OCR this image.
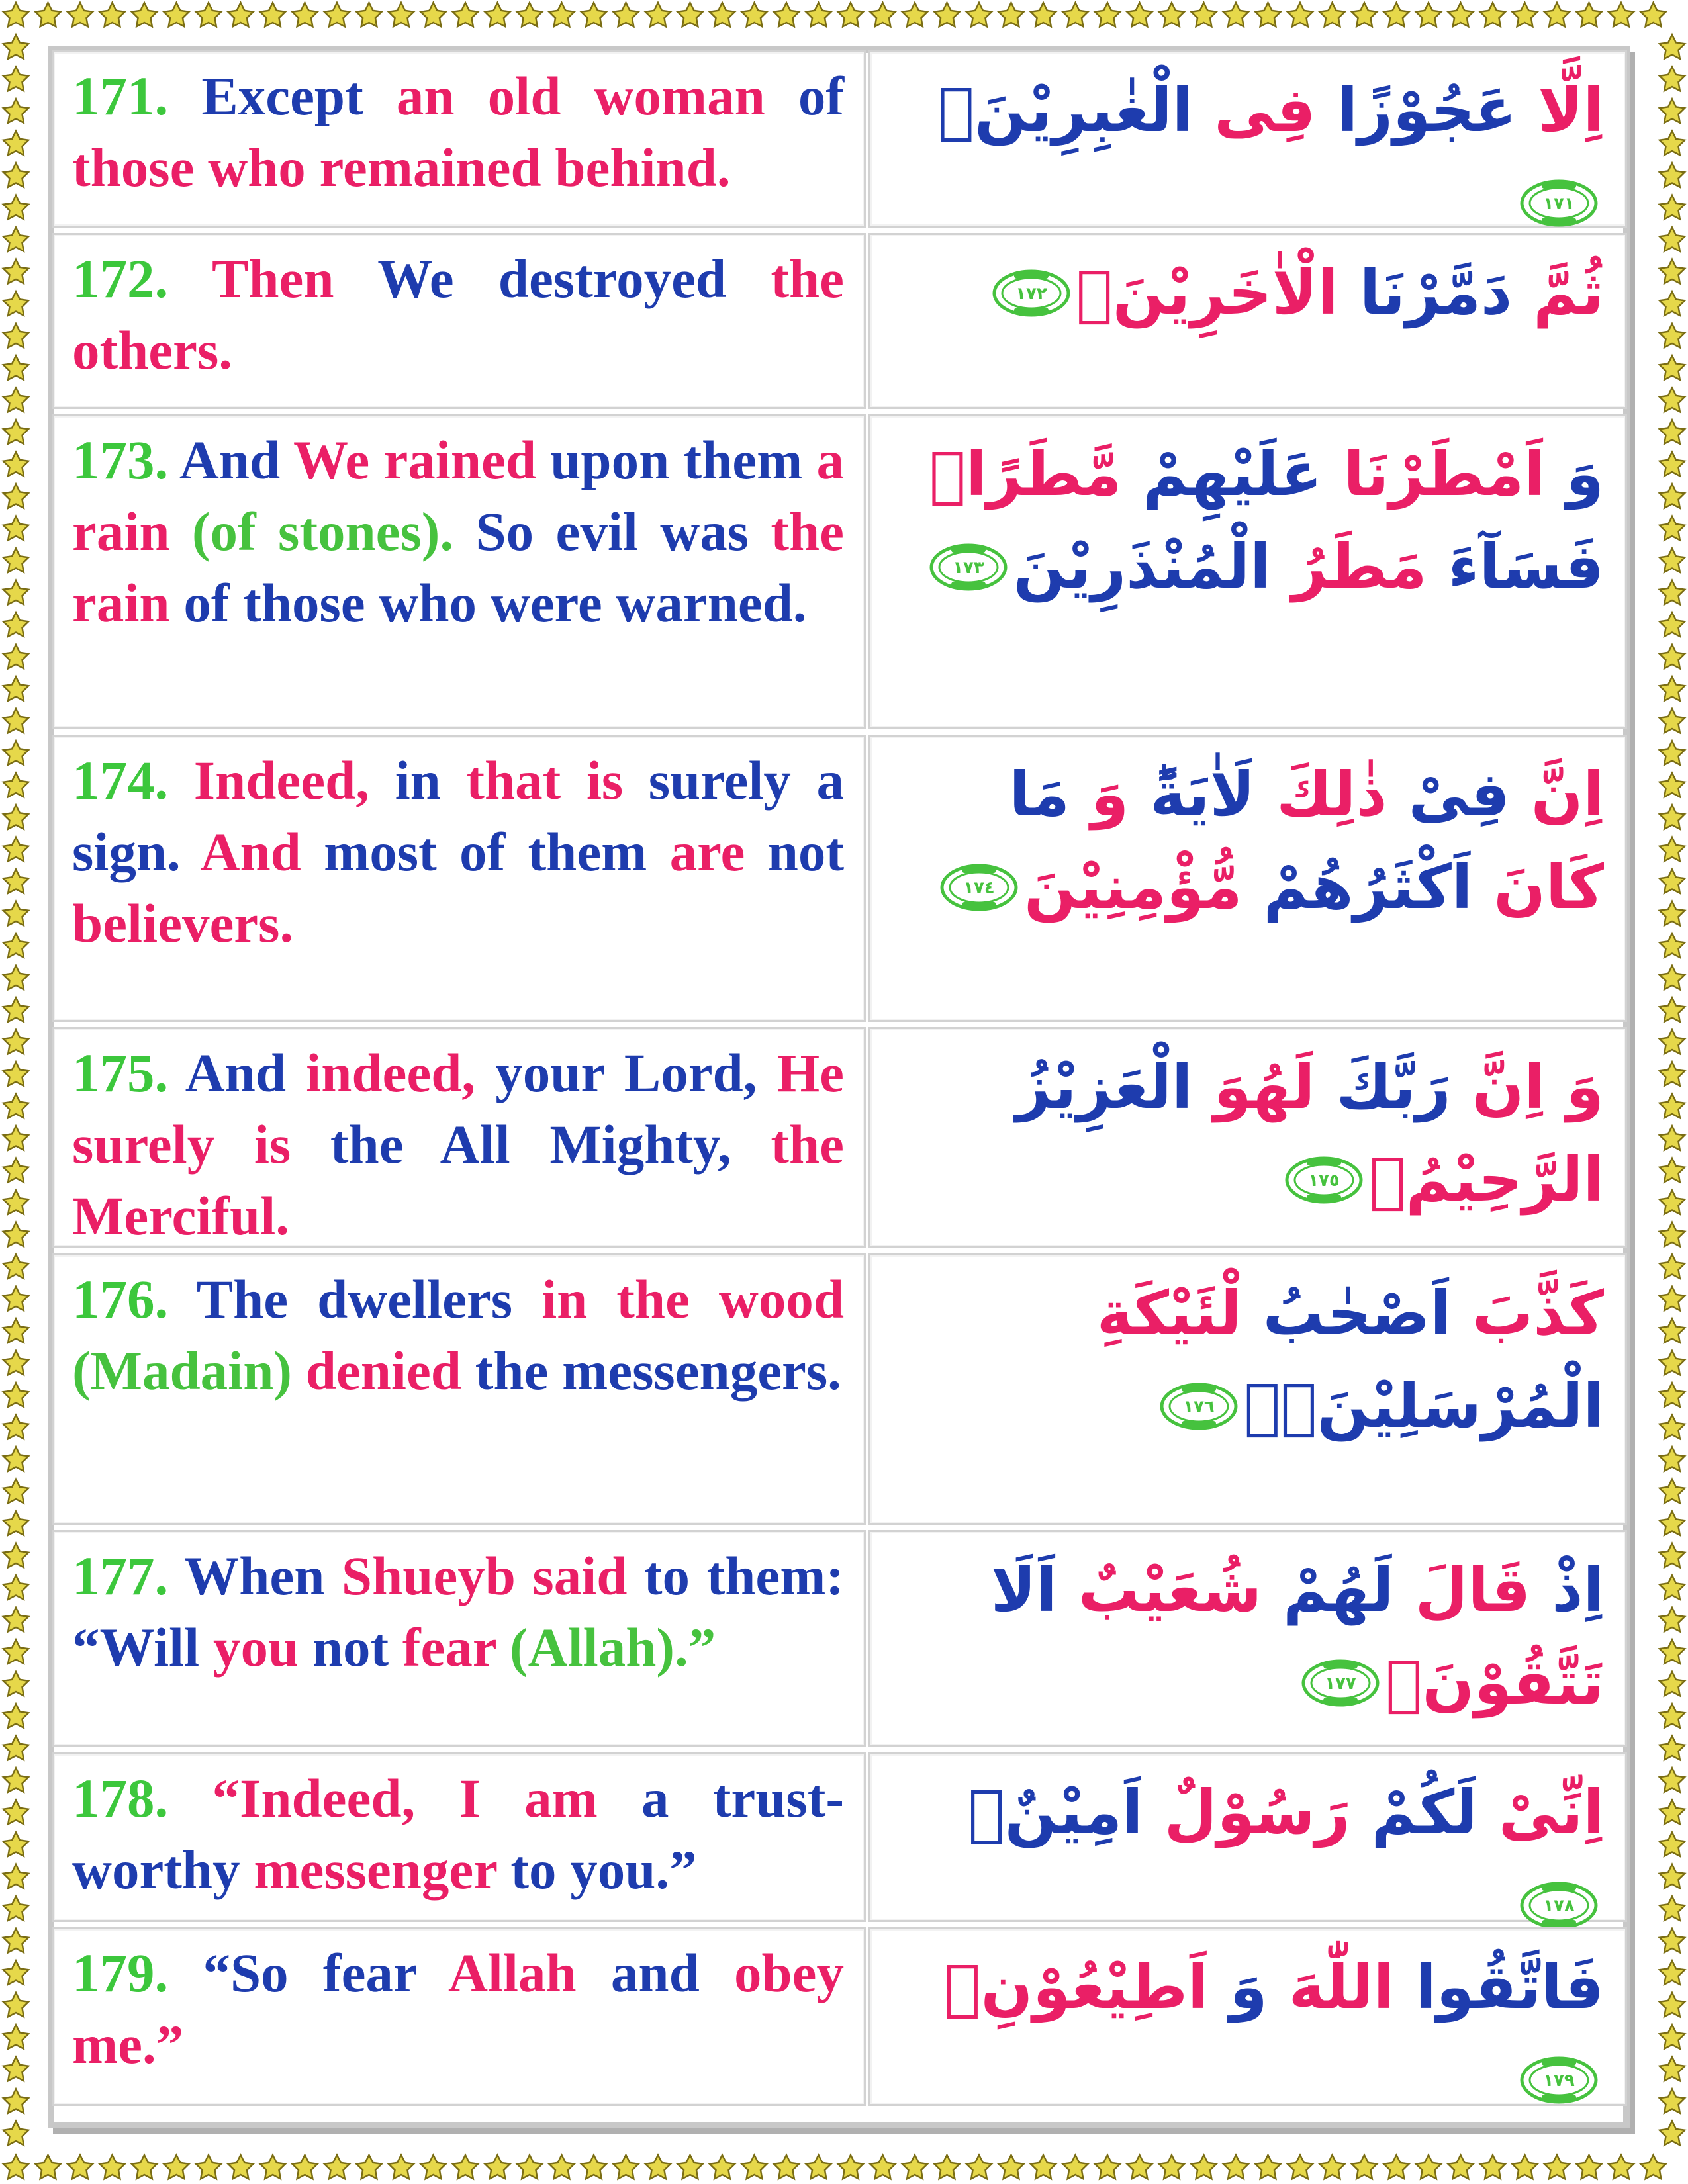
171. Except an old woman of those who remained behind.
اِلَّا عَجُوْزًا فِی الْغٰبِرِیْنَۚ
١٧١
172. Then We destroyed the others.
ثُمَّ دَمَّرْنَا الْاٰخَرِیْنَۚ
١٧٢
173. And We rained upon them a rain (of stones). So evil was the rain of those who were warned.
وَ اَمْطَرْنَا عَلَیْهِمْ مَّطَرًاۚ فَسَآءَ مَطَرُ الْمُنْذَرِیْنَ
١٧٣
174. Indeed, in that is surely a sign. And most of them are not believers.
اِنَّ فِیْ ذٰلِكَ لَاٰیَةًؕ وَ مَا كَانَ اَكْثَرُهُمْ مُّؤْمِنِیْنَ
١٧٤
175. And indeed, your Lord, He surely is the All Mighty, the Merciful.
وَ اِنَّ رَبَّكَ لَهُوَ الْعَزِیْزُ الرَّحِیْمُ۠
١٧٥
176. The dwellers in the wood (Madain) denied the messengers.
كَذَّبَ اَصْحٰبُ لْئَیْكَةِ الْمُرْسَلِیْنَۚۖ
١٧٦
177. When Shueyb said to them: “Will you not fear (Allah).”
اِذْ قَالَ لَهُمْ شُعَیْبٌ اَلَا تَتَّقُوْنَۚ
١٧٧
178. “Indeed, I am a trust-worthy messenger to you.”
اِنِّیْ لَكُمْ رَسُوْلٌ اَمِیْنٌۙ
١٧٨
179. “So fear Allah and obey me.”
فَاتَّقُوا اللّٰهَ وَ اَطِیْعُوْنِۚ
١٧٩
